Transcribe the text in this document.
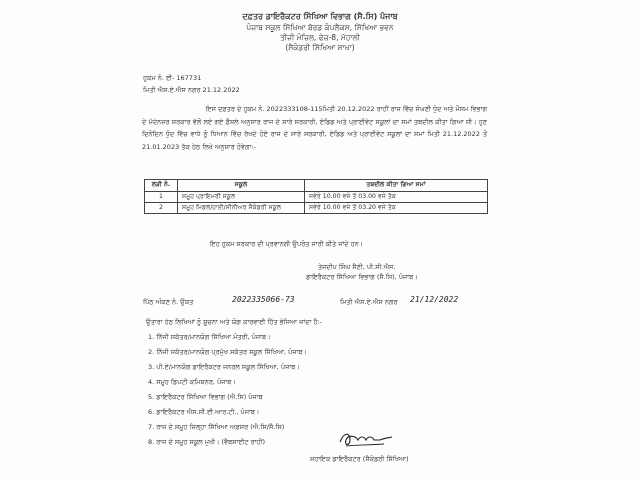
ਦਫ਼ਤਰ ਡਾਇਰੈਕਟਰ ਸਿੱਖਿਆ ਵਿਭਾਗ (ਸੈ.ਸਿ) ਪੰਜਾਬ
ਪੰਜਾਬ ਸਕੂਲ ਸਿੱਖਿਆ ਬੋਰਡ ਕੰਪਲੈਕਸ, ਸਿੱਖਿਆ ਭਵਨ
ਤੀਜੀ ਮੰਜ਼ਿਲ, ਫੇਜ਼-8, ਮੋਹਾਲੀ
(ਸੈਕੰਡਰੀ ਸਿੱਖਿਆ ਸ਼ਾਖਾ)
ਹੁਕਮ ਨੰ. ਈ- 167731
ਮਿਤੀ ਐਸ.ਏ.ਐਸ ਨਗਰ 21.12.2022
ਇਸ ਦਫ਼ਤਰ ਦੇ ਹੁਕਮ ਨੰ. 2022333108-115ਮਿਤੀ 20.12.2022 ਰਾਹੀਂ ਰਾਜ ਵਿੱਚ ਸੰਘਣੀ ਧੁੰਦ ਅਤੇ ਮੌਸਮ ਵਿਭਾਗ ਦੇ ਮੱਦੇਨਜ਼ਰ ਸਰਕਾਰ ਵੱਲੋਂ ਲਏ ਗਏ ਫ਼ੈਸਲੇ ਅਨੁਸਾਰ ਰਾਜ ਦੇ ਸਾਰੇ ਸਰਕਾਰੀ, ਏਡਿਡ ਅਤੇ ਪ੍ਰਾਈਵੇਟ ਸਕੂਲਾਂ ਦਾ ਸਮਾਂ ਤਬਦੀਲ ਕੀਤਾ ਗਿਆ ਸੀ। ਹੁਣ ਦਿਨੋਂਦਿਨ ਧੁੰਦ ਵਿੱਚ ਵਾਧੇ ਨੂੰ ਧਿਆਨ ਵਿੱਚ ਰੱਖਦੇ ਹੋਏ ਰਾਜ ਦੇ ਸਾਰੇ ਸਰਕਾਰੀ, ਏਡਿਡ ਅਤੇ ਪ੍ਰਾਈਵੇਟ ਸਕੂਲਾਂ ਦਾ ਸਮਾਂ ਮਿਤੀ 21.12.2022 ਤੋਂ 21.01.2023 ਤੱਕ ਹੇਠ ਲਿਖੇ ਅਨੁਸਾਰ ਹੋਵੇਗਾ:-
ਲੜੀ ਨੰ.	ਸਕੂਲ	ਤਬਦੀਲ ਕੀਤਾ ਗਿਆ ਸਮਾਂ
1	ਸਮੂਹ ਪ੍ਰਾਇਮਰੀ ਸਕੂਲ	ਸਵੇਰੇ 10.00 ਵਜੇ ਤੋਂ 03.00 ਵਜੇ ਤੱਕ
2	ਸਮੂਹ ਮਿਡਲ/ਹਾਈ/ਸੀਨੀਅਰ ਸੈਕੰਡਰੀ ਸਕੂਲ	ਸਵੇਰੇ 10.00 ਵਜੇ ਤੋਂ 03.20 ਵਜੇ ਤੱਕ
ਇਹ ਹੁਕਮ ਸਰਕਾਰ ਦੀ ਪ੍ਰਵਾਨਗੀ ਉਪਰੰਤ ਜਾਰੀ ਕੀਤੇ ਜਾਂਦੇ ਹਨ।
ਤੇਜਦੀਪ ਸਿੰਘ ਸੈਣੀ, ਪੀ.ਸੀ.ਐਸ.
ਡਾਇਰੈਕਟਰ ਸਿੱਖਿਆ ਵਿਭਾਗ (ਸੈ.ਸਿ), ਪੰਜਾਬ।
ਪਿੱਠ ਅੰਕਣ ਨੰ. ਉਕਤ	2022335066-73	ਮਿਤੀ ਐਸ.ਏ.ਐਸ ਨਗਰ 21/12/2022
ਉਤਾਰਾ ਹੇਠ ਲਿਖਿਆਂ ਨੂੰ ਸੂਚਨਾ ਅਤੇ ਯੋਗ ਕਾਰਵਾਈ ਹਿੱਤ ਭੇਜਿਆ ਜਾਂਦਾ ਹੈ:-
1. ਨਿੱਜੀ ਸਕੱਤਰ/ਮਾਨਯੋਗ ਸਿੱਖਿਆ ਮੰਤਰੀ, ਪੰਜਾਬ।
2. ਨਿੱਜੀ ਸਕੱਤਰ/ਮਾਨਯੋਗ ਪ੍ਰਮੁੱਖ ਸਕੱਤਰ ਸਕੂਲ ਸਿੱਖਿਆ, ਪੰਜਾਬ।
3. ਪੀ.ਏ/ਮਾਨਯੋਗ ਡਾਇਰੈਕਟਰ ਜਨਰਲ ਸਕੂਲ ਸਿੱਖਿਆ, ਪੰਜਾਬ।
4. ਸਮੂਹ ਡਿਪਟੀ ਕਮਿਸ਼ਨਰ, ਪੰਜਾਬ।
5. ਡਾਇਰੈਕਟਰ ਸਿੱਖਿਆ ਵਿਭਾਗ (ਐ.ਸਿ) ਪੰਜਾਬ
6. ਡਾਇਰੈਕਟਰ ਐਸ.ਸੀ.ਈ.ਆਰ.ਟੀ., ਪੰਜਾਬ।
7. ਰਾਜ ਦੇ ਸਮੂਹ ਜ਼ਿਲ੍ਹਾ ਸਿੱਖਿਆ ਅਫ਼ਸਰ (ਐ.ਸਿ/ਸੈ.ਸਿ)
8. ਰਾਜ ਦੇ ਸਮੂਹ ਸਕੂਲ ਮੁਖੀ। (ਵੈਬਸਾਈਟ ਰਾਹੀਂ)
ਸਹਾਇਕ ਡਾਇਰੈਕਟਰ (ਸੈਕੰਡਰੀ ਸਿੱਖਿਆ)
